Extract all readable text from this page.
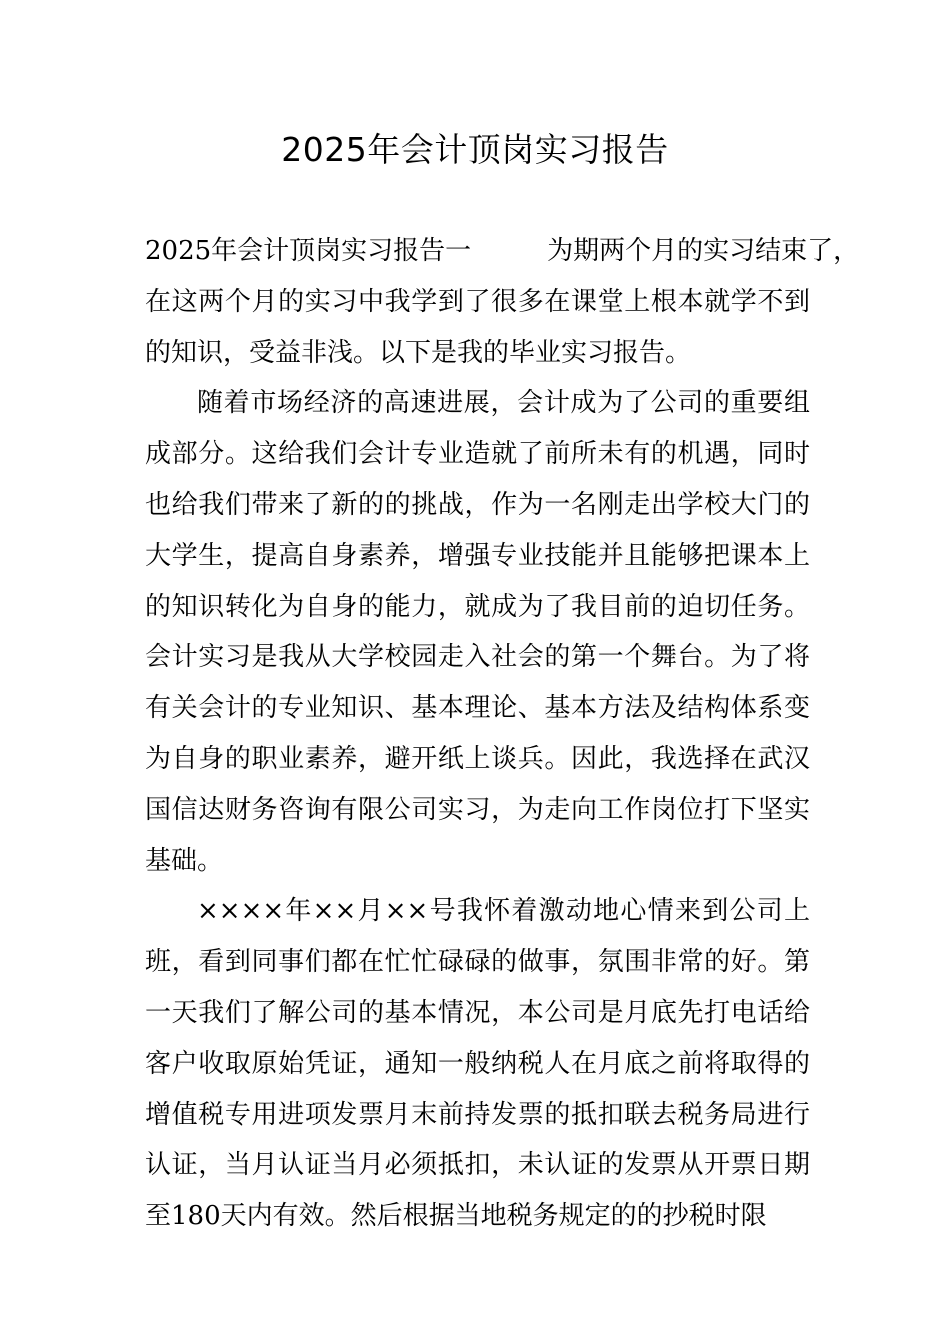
2025年会计顶岗实习报告

2025年会计顶岗实习报告一	为期两个月的实习结束了，在这两个月的实习中我学到了很多在课堂上根本就学不到的知识，受益非浅。以下是我的毕业实习报告。

随着市场经济的高速进展，会计成为了公司的重要组成部分。这给我们会计专业造就了前所未有的机遇，同时也给我们带来了新的的挑战，作为一名刚走出学校大门的大学生，提高自身素养，增强专业技能并且能够把课本上的知识转化为自身的能力，就成为了我目前的迫切任务。会计实习是我从大学校园走入社会的第一个舞台。为了将有关会计的专业知识、基本理论、基本方法及结构体系变为自身的职业素养，避开纸上谈兵。因此，我选择在武汉国信达财务咨询有限公司实习，为走向工作岗位打下坚实基础。

××××年××月××号我怀着激动地心情来到公司上班，看到同事们都在忙忙碌碌的做事，氛围非常的好。第一天我们了解公司的基本情况，本公司是月底先打电话给客户收取原始凭证，通知一般纳税人在月底之前将取得的增值税专用进项发票月末前持发票的抵扣联去税务局进行认证，当月认证当月必须抵扣，未认证的发票从开票日期至180天内有效。然后根据当地税务规定的的抄税时限
